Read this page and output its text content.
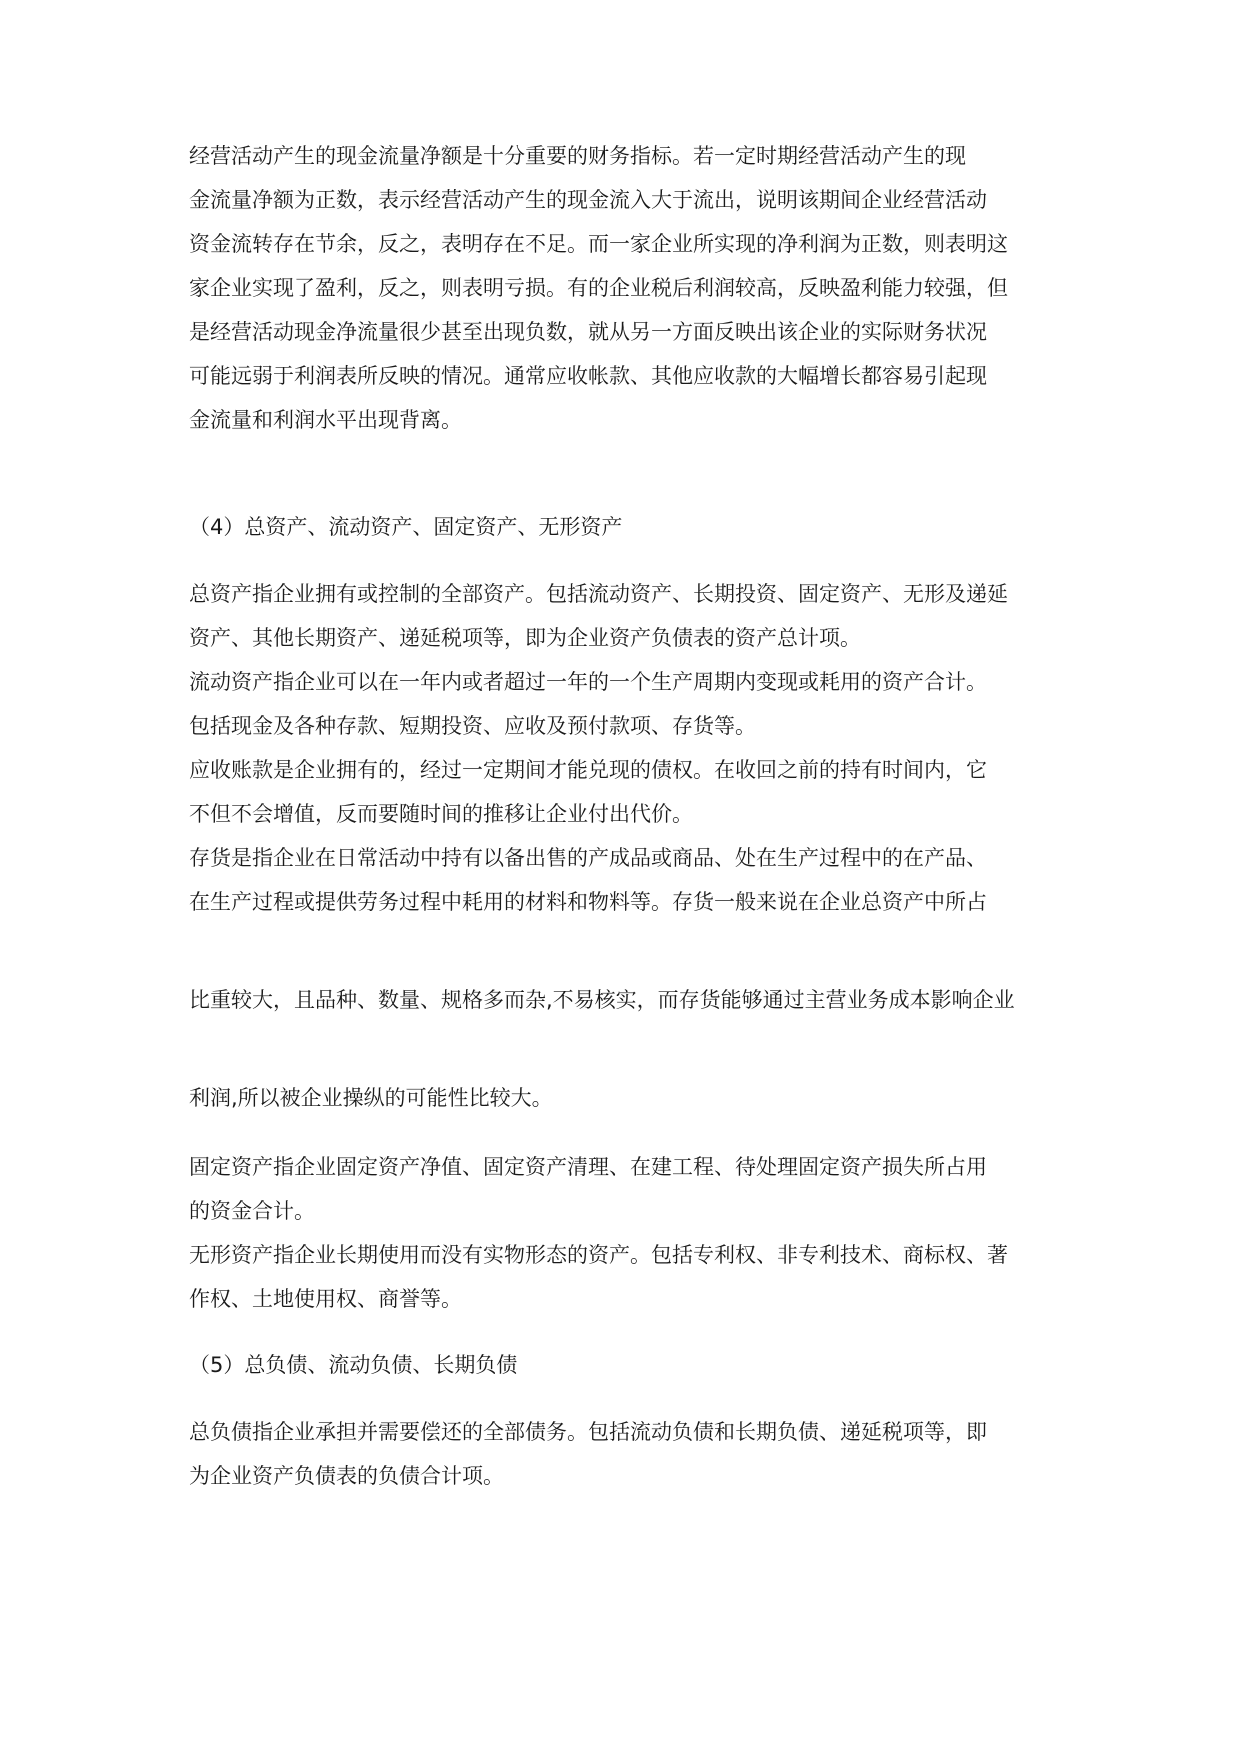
经营活动产生的现金流量净额是十分重要的财务指标。若一定时期经营活动产生的现
金流量净额为正数，表示经营活动产生的现金流入大于流出，说明该期间企业经营活动
资金流转存在节余，反之，表明存在不足。而一家企业所实现的净利润为正数，则表明这
家企业实现了盈利，反之，则表明亏损。有的企业税后利润较高，反映盈利能力较强，但
是经营活动现金净流量很少甚至出现负数，就从另一方面反映出该企业的实际财务状况
可能远弱于利润表所反映的情况。通常应收帐款、其他应收款的大幅增长都容易引起现
金流量和利润水平出现背离。
（4）总资产、流动资产、固定资产、无形资产
总资产指企业拥有或控制的全部资产。包括流动资产、长期投资、固定资产、无形及递延
资产、其他长期资产、递延税项等，即为企业资产负债表的资产总计项。
流动资产指企业可以在一年内或者超过一年的一个生产周期内变现或耗用的资产合计。
包括现金及各种存款、短期投资、应收及预付款项、存货等。
应收账款是企业拥有的，经过一定期间才能兑现的债权。在收回之前的持有时间内，它
不但不会增值，反而要随时间的推移让企业付出代价。
存货是指企业在日常活动中持有以备出售的产成品或商品、处在生产过程中的在产品、
在生产过程或提供劳务过程中耗用的材料和物料等。存货一般来说在企业总资产中所占
比重较大，且品种、数量、规格多而杂,不易核实，而存货能够通过主营业务成本影响企业
利润,所以被企业操纵的可能性比较大。
固定资产指企业固定资产净值、固定资产清理、在建工程、待处理固定资产损失所占用
的资金合计。
无形资产指企业长期使用而没有实物形态的资产。包括专利权、非专利技术、商标权、著
作权、土地使用权、商誉等。
（5）总负债、流动负债、长期负债
总负债指企业承担并需要偿还的全部债务。包括流动负债和长期负债、递延税项等，即
为企业资产负债表的负债合计项。
